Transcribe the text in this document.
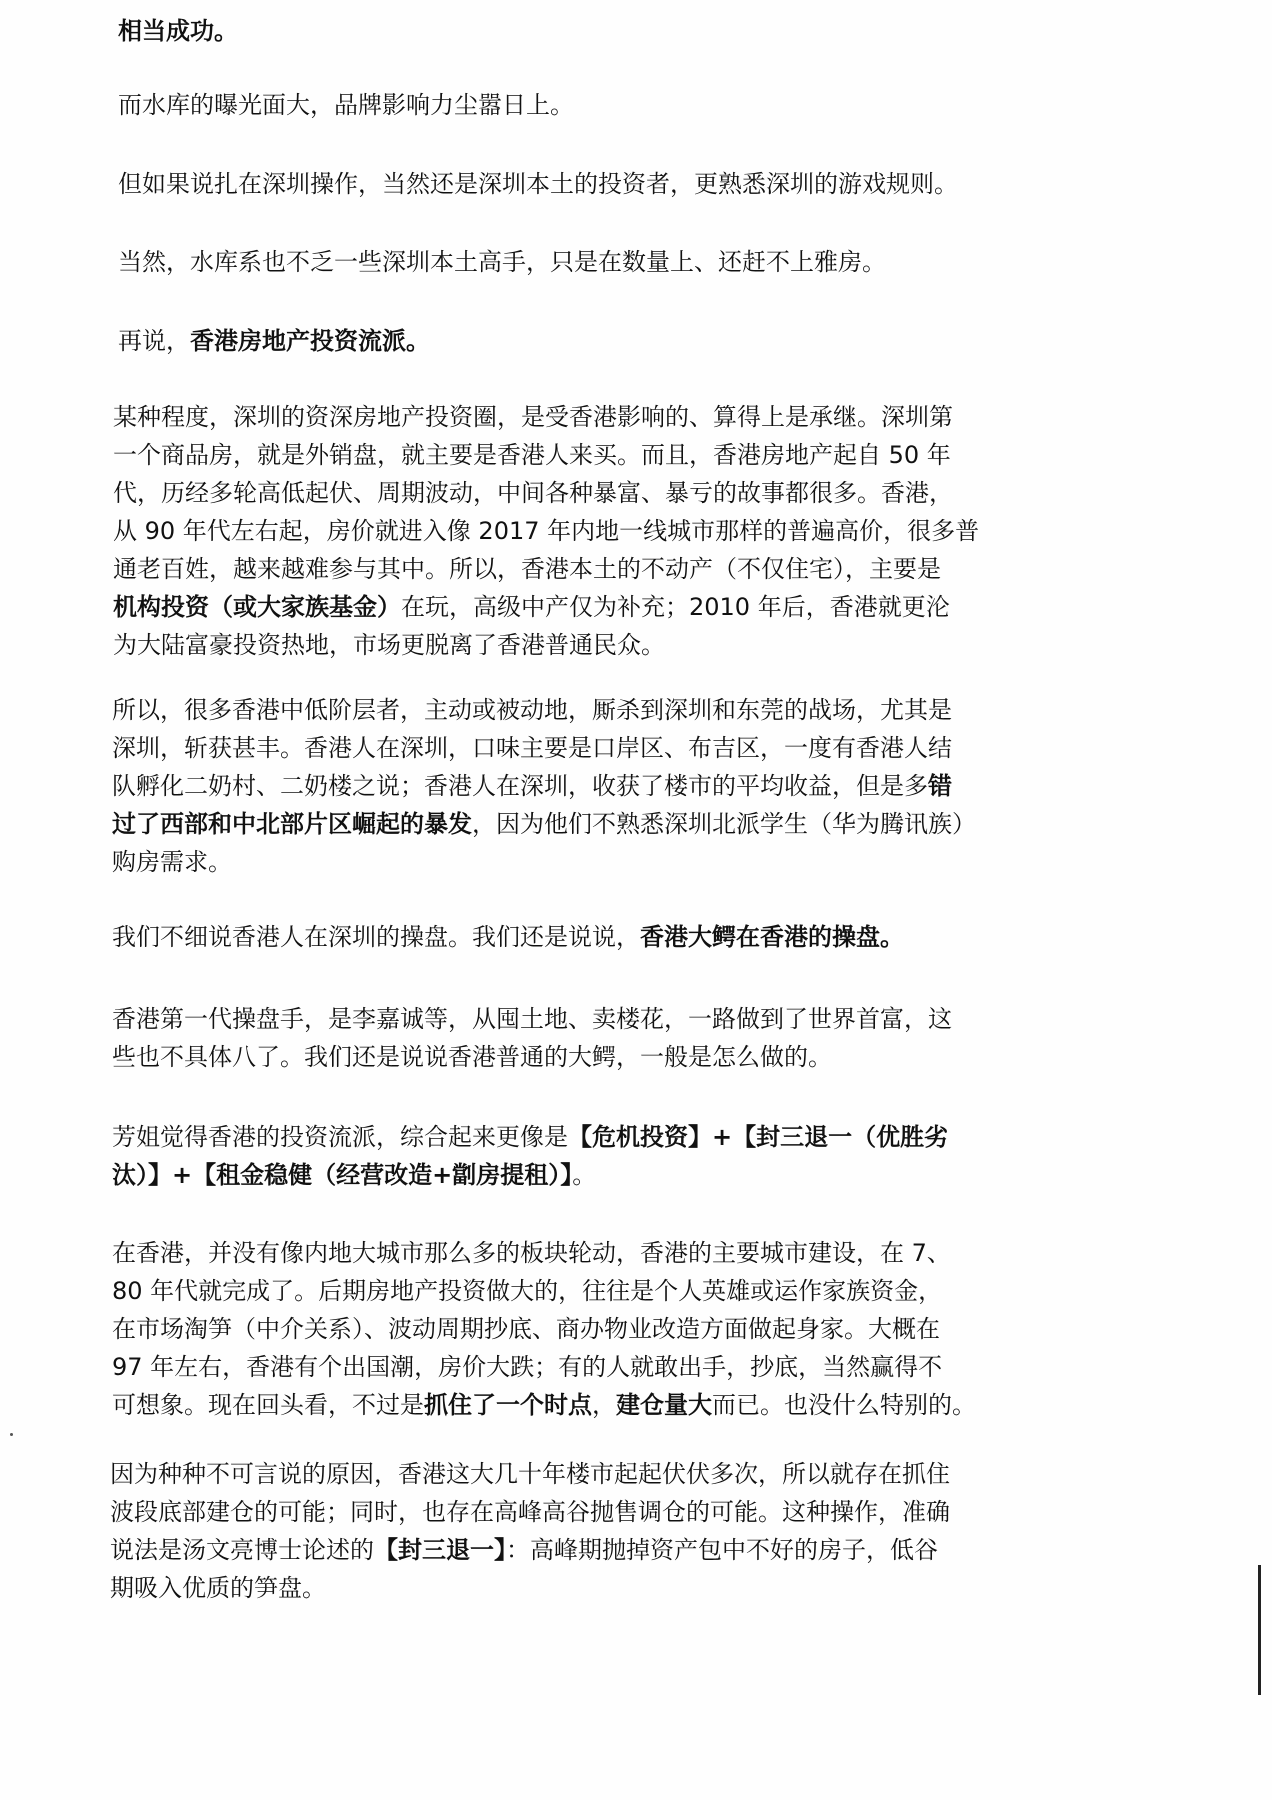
相当成功。

而水库的曝光面大，品牌影响力尘嚣日上。

但如果说扎在深圳操作，当然还是深圳本土的投资者，更熟悉深圳的游戏规则。

当然，水库系也不乏一些深圳本土高手，只是在数量上、还赶不上雅房。

再说，香港房地产投资流派。

某种程度，深圳的资深房地产投资圈，是受香港影响的、算得上是承继。深圳第
一个商品房，就是外销盘，就主要是香港人来买。而且，香港房地产起自 50 年
代，历经多轮高低起伏、周期波动，中间各种暴富、暴亏的故事都很多。香港，
从 90 年代左右起，房价就进入像 2017 年内地一线城市那样的普遍高价，很多普
通老百姓，越来越难参与其中。所以，香港本土的不动产（不仅住宅），主要是
机构投资（或大家族基金）在玩，高级中产仅为补充；2010 年后，香港就更沦
为大陆富豪投资热地，市场更脱离了香港普通民众。

所以，很多香港中低阶层者，主动或被动地，厮杀到深圳和东莞的战场，尤其是
深圳，斩获甚丰。香港人在深圳，口味主要是口岸区、布吉区，一度有香港人结
队孵化二奶村、二奶楼之说；香港人在深圳，收获了楼市的平均收益，但是多错
过了西部和中北部片区崛起的暴发，因为他们不熟悉深圳北派学生（华为腾讯族）
购房需求。

我们不细说香港人在深圳的操盘。我们还是说说，香港大鳄在香港的操盘。

香港第一代操盘手，是李嘉诚等，从囤土地、卖楼花，一路做到了世界首富，这
些也不具体八了。我们还是说说香港普通的大鳄，一般是怎么做的。

芳姐觉得香港的投资流派，综合起来更像是【危机投资】+【封三退一（优胜劣
汰）】+【租金稳健（经营改造+劏房提租）】。

在香港，并没有像内地大城市那么多的板块轮动，香港的主要城市建设，在 7、
80 年代就完成了。后期房地产投资做大的，往往是个人英雄或运作家族资金，
在市场淘笋（中介关系）、波动周期抄底、商办物业改造方面做起身家。大概在
97 年左右，香港有个出国潮，房价大跌；有的人就敢出手，抄底，当然赢得不
可想象。现在回头看，不过是抓住了一个时点，建仓量大而已。也没什么特别的。

因为种种不可言说的原因，香港这大几十年楼市起起伏伏多次，所以就存在抓住
波段底部建仓的可能；同时，也存在高峰高谷抛售调仓的可能。这种操作，准确
说法是汤文亮博士论述的【封三退一】：高峰期抛掉资产包中不好的房子，低谷
期吸入优质的笋盘。
